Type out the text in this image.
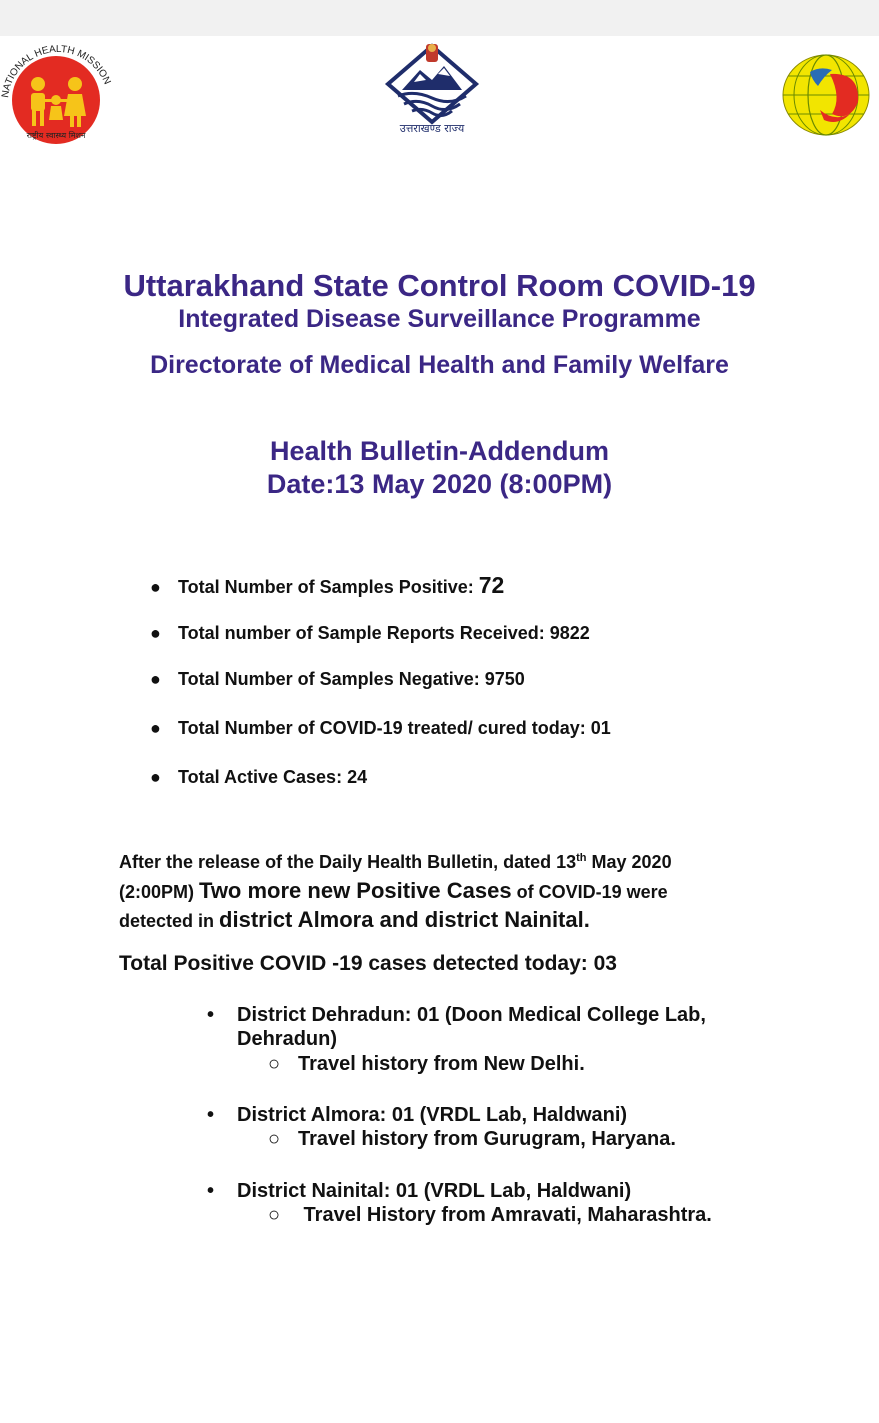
NATIONAL HEALTH MISSION
राष्ट्रीय स्वास्थ्य मिशन
उत्तराखण्ड राज्य
Uttarakhand State Control Room COVID-19
Integrated Disease Surveillance Programme
Directorate of Medical Health and Family Welfare
Health Bulletin-Addendum
Date:13 May 2020 (8:00PM)
● Total Number of Samples Positive: 72
● Total number of Sample Reports Received: 9822
● Total Number of Samples Negative: 9750
● Total Number of COVID-19 treated/ cured today: 01
● Total Active Cases: 24
After the release of the Daily Health Bulletin, dated 13th May 2020
(2:00PM) Two more new Positive Cases of COVID-19 were
detected in district Almora and district Nainital.
Total Positive COVID -19 cases detected today: 03
• District Dehradun: 01 (Doon Medical College Lab,
Dehradun)
○ Travel history from New Delhi.
• District Almora: 01 (VRDL Lab, Haldwani)
○ Travel history from Gurugram, Haryana.
• District Nainital: 01 (VRDL Lab, Haldwani)
○ Travel History from Amravati, Maharashtra.
